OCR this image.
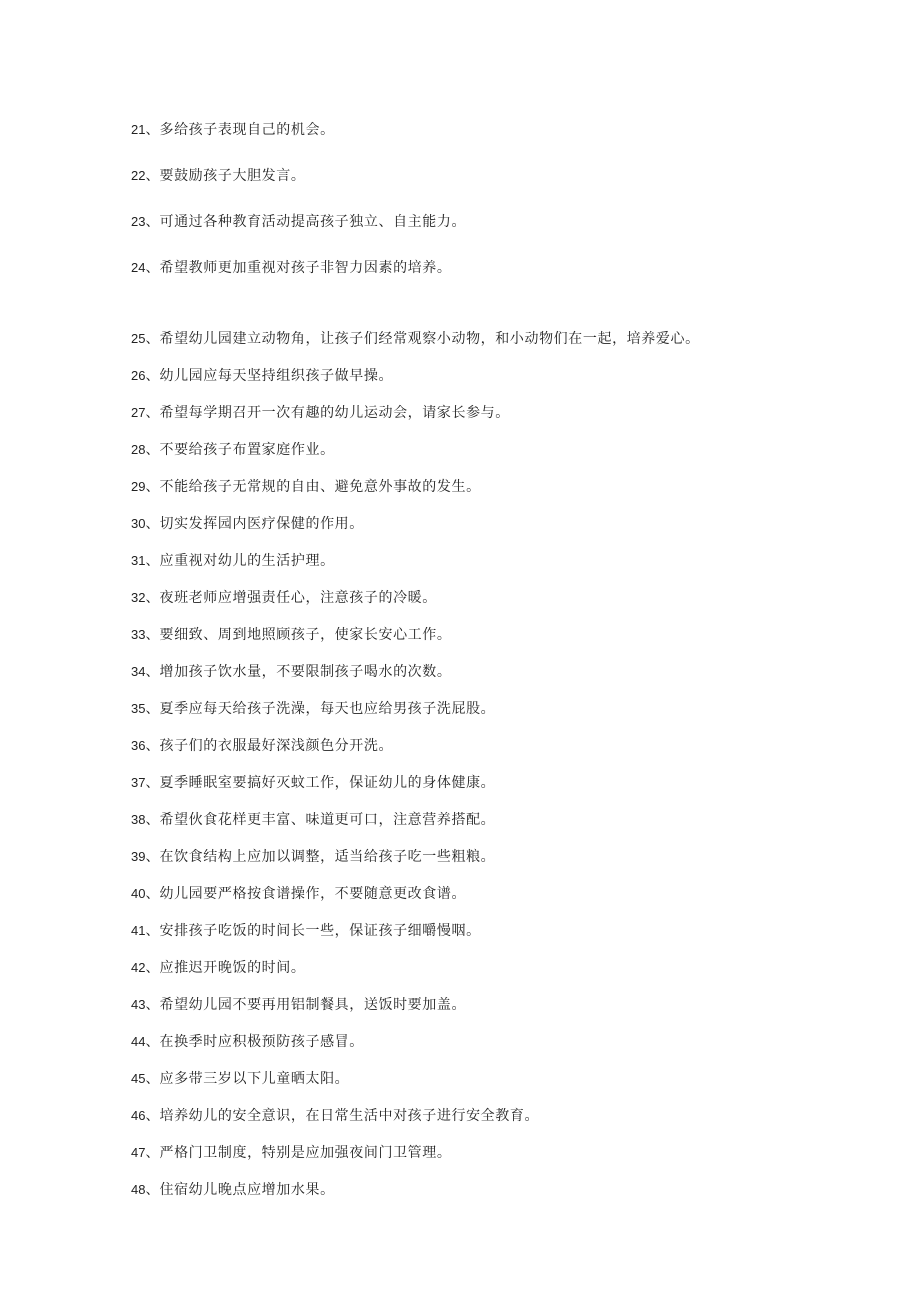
21、多给孩子表现自己的机会。
22、要鼓励孩子大胆发言。
23、可通过各种教育活动提高孩子独立、自主能力。
24、希望教师更加重视对孩子非智力因素的培养。
25、希望幼儿园建立动物角，让孩子们经常观察小动物，和小动物们在一起，培养爱心。
26、幼儿园应每天坚持组织孩子做早操。
27、希望每学期召开一次有趣的幼儿运动会，请家长参与。
28、不要给孩子布置家庭作业。
29、不能给孩子无常规的自由、避免意外事故的发生。
30、切实发挥园内医疗保健的作用。
31、应重视对幼儿的生活护理。
32、夜班老师应增强责任心，注意孩子的冷暖。
33、要细致、周到地照顾孩子，使家长安心工作。
34、增加孩子饮水量，不要限制孩子喝水的次数。
35、夏季应每天给孩子洗澡，每天也应给男孩子洗屁股。
36、孩子们的衣服最好深浅颜色分开洗。
37、夏季睡眠室要搞好灭蚊工作，保证幼儿的身体健康。
38、希望伙食花样更丰富、味道更可口，注意营养搭配。
39、在饮食结构上应加以调整，适当给孩子吃一些粗粮。
40、幼儿园要严格按食谱操作，不要随意更改食谱。
41、安排孩子吃饭的时间长一些，保证孩子细嚼慢咽。
42、应推迟开晚饭的时间。
43、希望幼儿园不要再用铝制餐具，送饭时要加盖。
44、在换季时应积极预防孩子感冒。
45、应多带三岁以下儿童晒太阳。
46、培养幼儿的安全意识，在日常生活中对孩子进行安全教育。
47、严格门卫制度，特别是应加强夜间门卫管理。
48、住宿幼儿晚点应增加水果。
